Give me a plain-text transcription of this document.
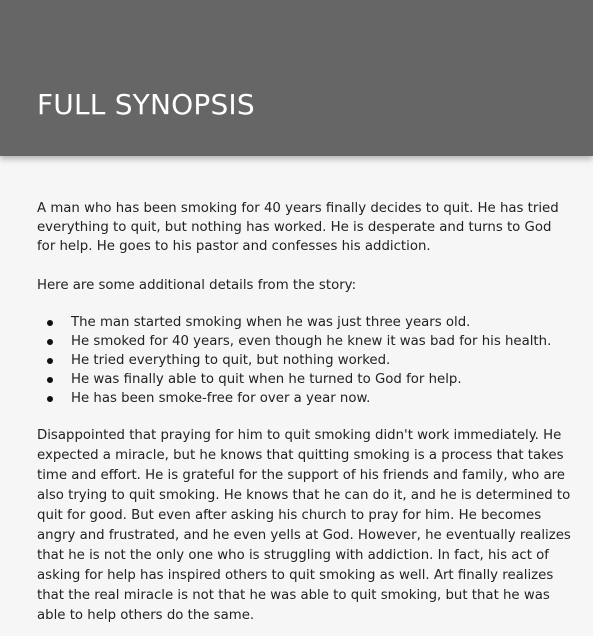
FULL SYNOPSIS

A man who has been smoking for 40 years finally decides to quit. He has tried everything to quit, but nothing has worked. He is desperate and turns to God for help. He goes to his pastor and confesses his addiction.

Here are some additional details from the story:

The man started smoking when he was just three years old.
He smoked for 40 years, even though he knew it was bad for his health.
He tried everything to quit, but nothing worked.
He was finally able to quit when he turned to God for help.
He has been smoke-free for over a year now.

Disappointed that praying for him to quit smoking didn't work immediately. He expected a miracle, but he knows that quitting smoking is a process that takes time and effort. He is grateful for the support of his friends and family, who are also trying to quit smoking. He knows that he can do it, and he is determined to quit for good. But even after asking his church to pray for him. He becomes angry and frustrated, and he even yells at God. However, he eventually realizes that he is not the only one who is struggling with addiction. In fact, his act of asking for help has inspired others to quit smoking as well. Art finally realizes that the real miracle is not that he was able to quit smoking, but that he was able to help others do the same.
